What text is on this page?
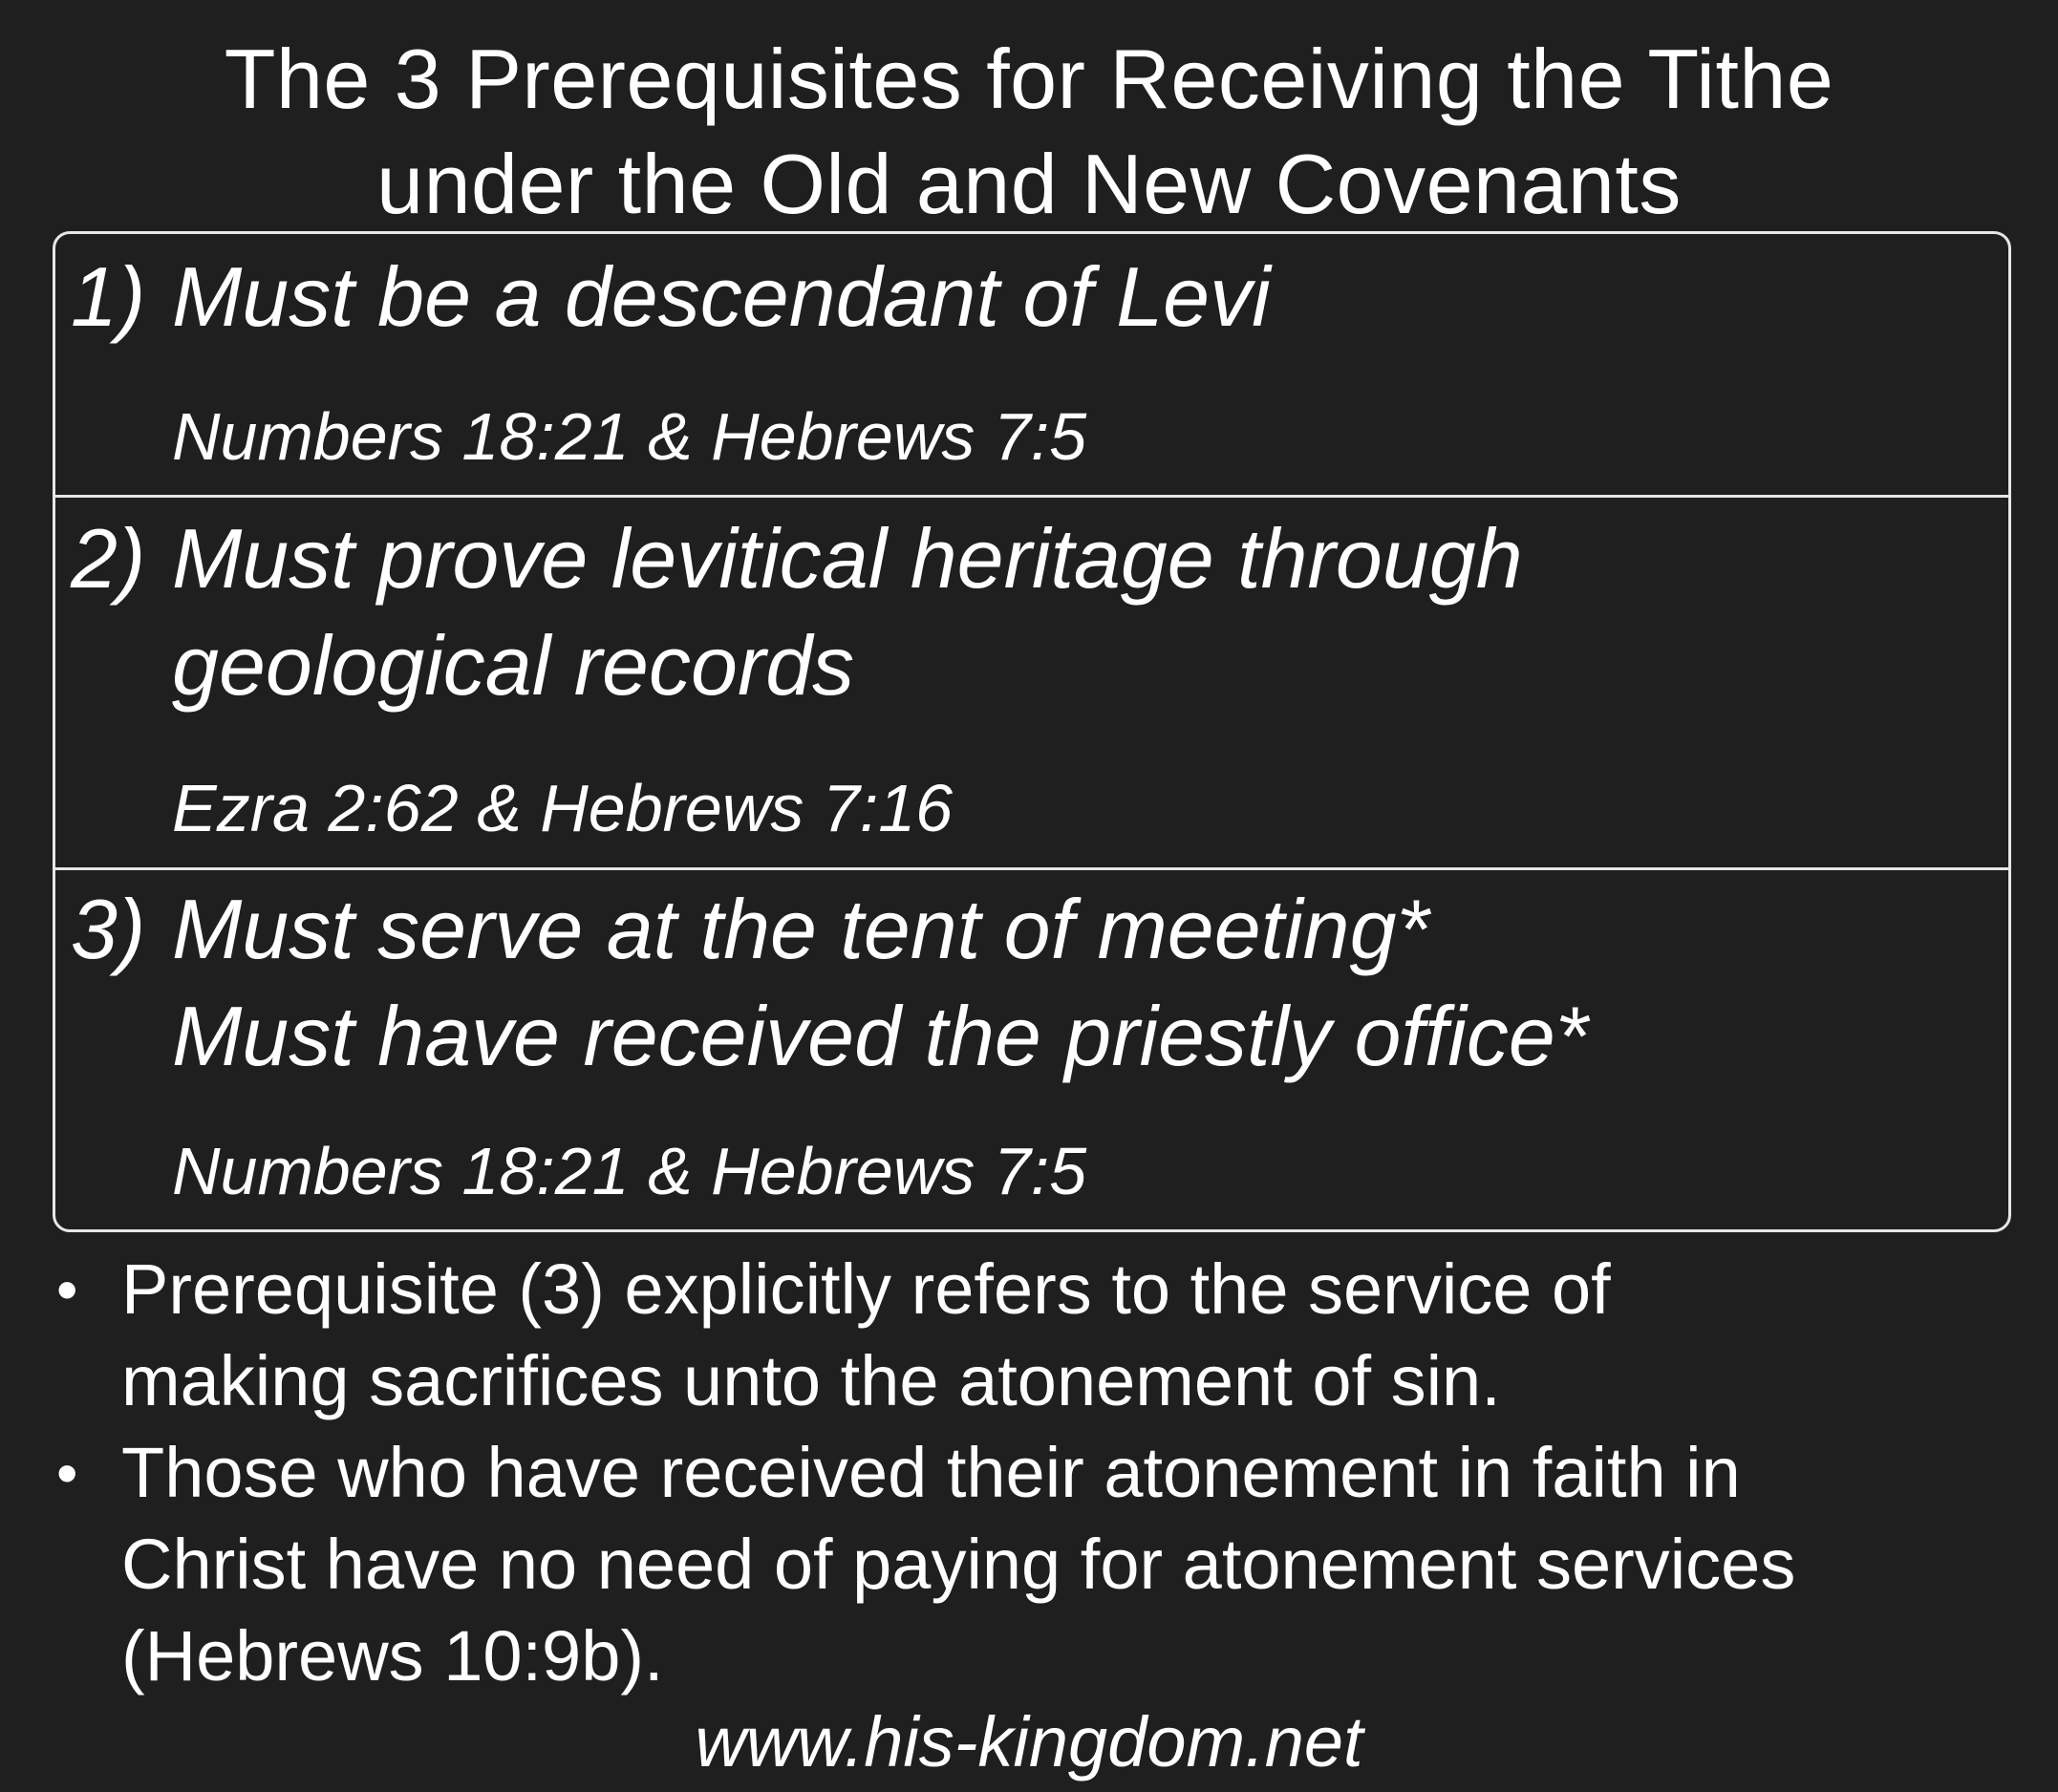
The 3 Prerequisites for Receiving the Tithe
under the Old and New Covenants
1) Must be a descendant of Levi
Numbers 18:21 & Hebrews 7:5
2) Must prove levitical heritage through
geological records
Ezra 2:62 & Hebrews 7:16
3) Must serve at the tent of meeting*
Must have received the priestly office*
Numbers 18:21 & Hebrews 7:5
• Prerequisite (3) explicitly refers to the service of
making sacrifices unto the atonement of sin.
• Those who have received their atonement in faith in
Christ have no need of paying for atonement services
(Hebrews 10:9b).
www.his-kingdom.net
